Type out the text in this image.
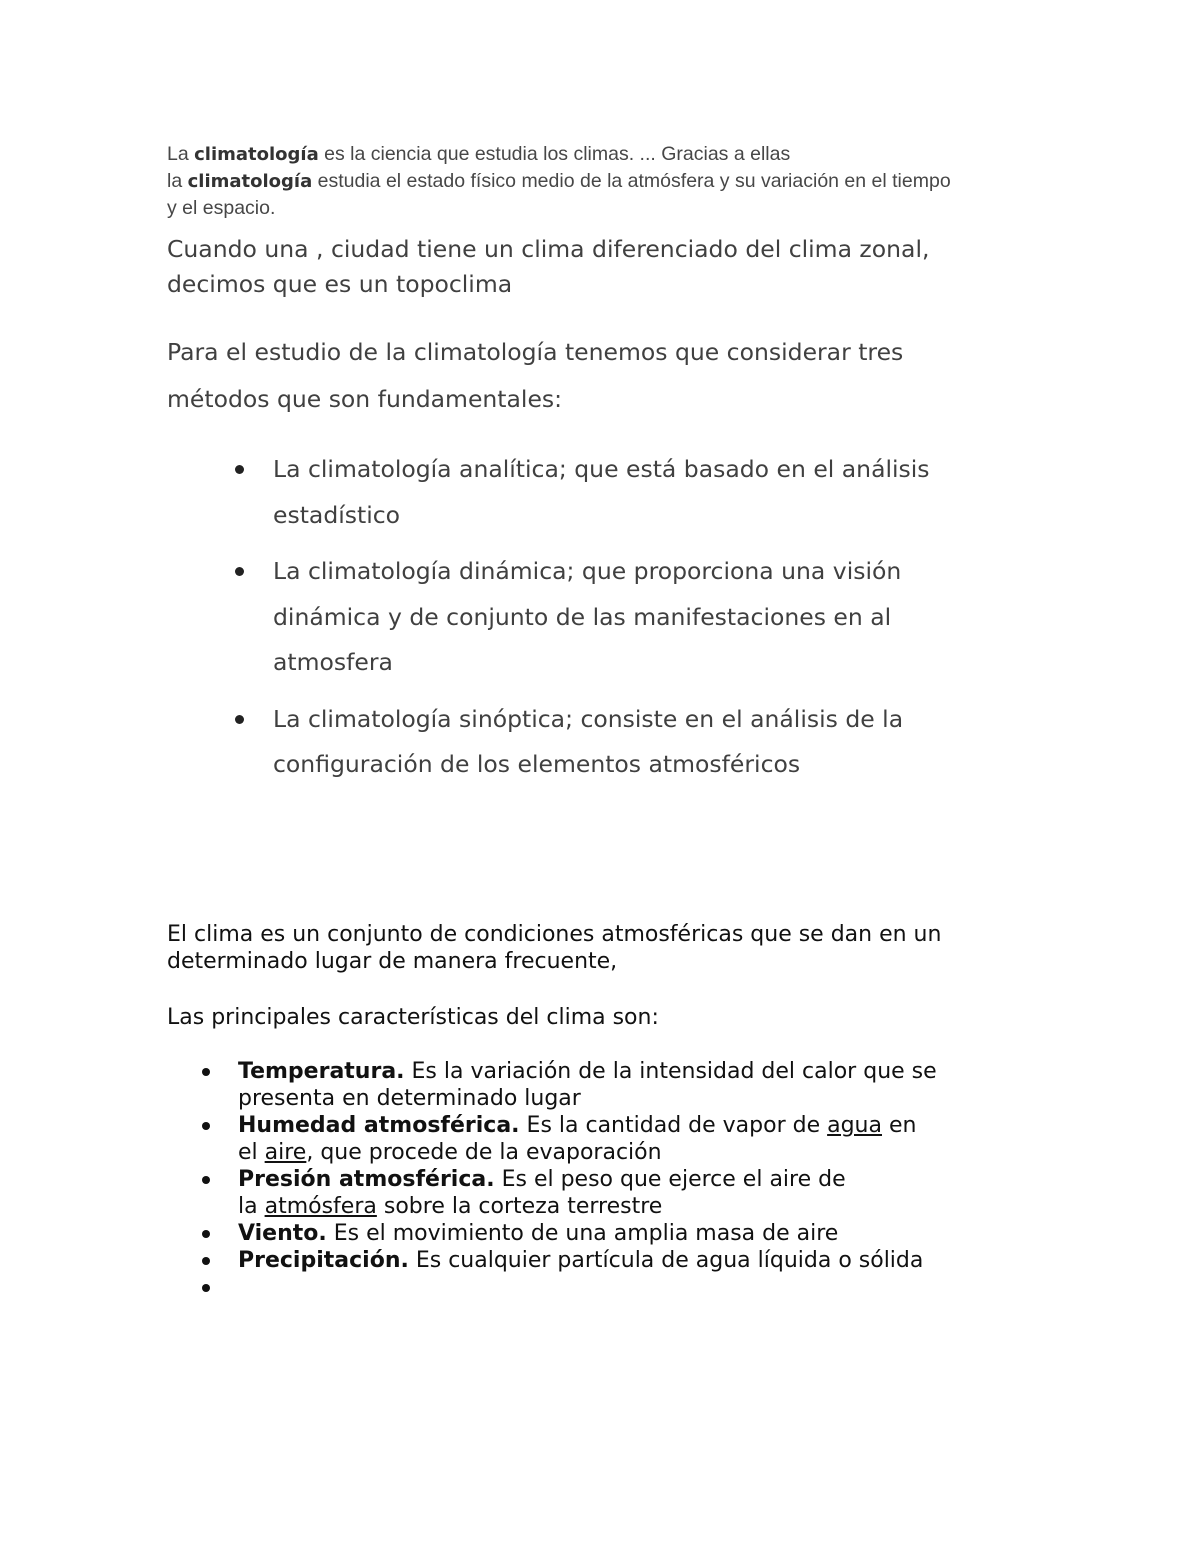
La climatología es la ciencia que estudia los climas. ... Gracias a ellas
la climatología estudia el estado físico medio de la atmósfera y su variación en el tiempo
y el espacio.
Cuando una , ciudad tiene un clima diferenciado del clima zonal,
decimos que es un topoclima
Para el estudio de la climatología tenemos que considerar tres
métodos que son fundamentales:
La climatología analítica; que está basado en el análisis
estadístico
La climatología dinámica; que proporciona una visión
dinámica y de conjunto de las manifestaciones en al
atmosfera
La climatología sinóptica; consiste en el análisis de la
configuración de los elementos atmosféricos
El clima es un conjunto de condiciones atmosféricas que se dan en un
determinado lugar de manera frecuente,
Las principales características del clima son:
Temperatura. Es la variación de la intensidad del calor que se
presenta en determinado lugar
Humedad atmosférica. Es la cantidad de vapor de agua en
el aire, que procede de la evaporación
Presión atmosférica. Es el peso que ejerce el aire de
la atmósfera sobre la corteza terrestre
Viento. Es el movimiento de una amplia masa de aire
Precipitación. Es cualquier partícula de agua líquida o sólida
